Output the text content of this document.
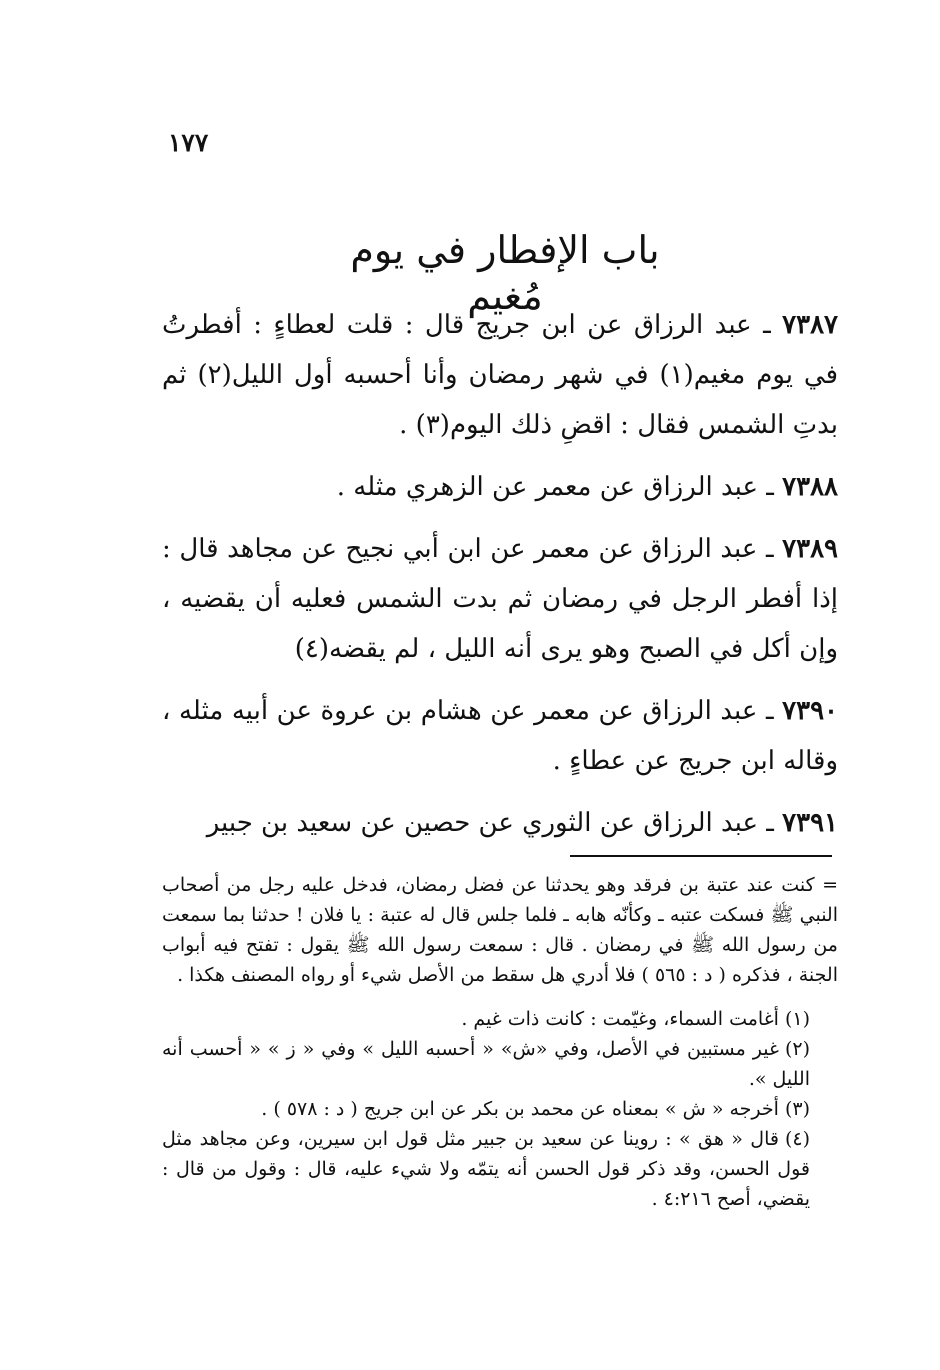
١٧٧
باب الإفطار في يوم مُغيم

٧٣٨٧ ـ عبد الرزاق عن ابن جريج قال : قلت لعطاءٍ : أفطرتُ في يوم مغيم(١) في شهر رمضان وأنا أحسبه أول الليل(٢) ثم بدتِ الشمس فقال : اقضِ ذلك اليوم(٣) .

٧٣٨٨ ـ عبد الرزاق عن معمر عن الزهري مثله .

٧٣٨٩ ـ عبد الرزاق عن معمر عن ابن أبي نجيح عن مجاهد قال : إذا أفطر الرجل في رمضان ثم بدت الشمس فعليه أن يقضيه ، وإن أكل في الصبح وهو يرى أنه الليل ، لم يقضه(٤)

٧٣٩٠ ـ عبد الرزاق عن معمر عن هشام بن عروة عن أبيه مثله ، وقاله ابن جريج عن عطاءٍ .

٧٣٩١ ـ عبد الرزاق عن الثوري عن حصين عن سعيد بن جبير

= كنت عند عتبة بن فرقد وهو يحدثنا عن فضل رمضان، فدخل عليه رجل من أصحاب النبي ﷺ فسكت عتبه ـ وكأنّه هابه ـ فلما جلس قال له عتبة : يا فلان ! حدثنا بما سمعت من رسول الله ﷺ في رمضان . قال : سمعت رسول الله ﷺ يقول : تفتح فيه أبواب الجنة ، فذكره ( د : ٥٦٥ ) فلا أدري هل سقط من الأصل شيء أو رواه المصنف هكذا .

(١)أغامت السماء، وغيّمت : كانت ذات غيم .

(٢)غير مستبين في الأصل، وفي «ش» « أحسبه الليل » وفي « ز » « أحسب أنه الليل ».

(٣)أخرجه « ش » بمعناه عن محمد بن بكر عن ابن جريج ( د : ٥٧٨ ) .

(٤)قال « هق » : روينا عن سعيد بن جبير مثل قول ابن سيرين، وعن مجاهد مثل قول الحسن، وقد ذكر قول الحسن أنه يتمّه ولا شيء عليه، قال : وقول من قال : يقضي، أصح ٤:٢١٦ .
